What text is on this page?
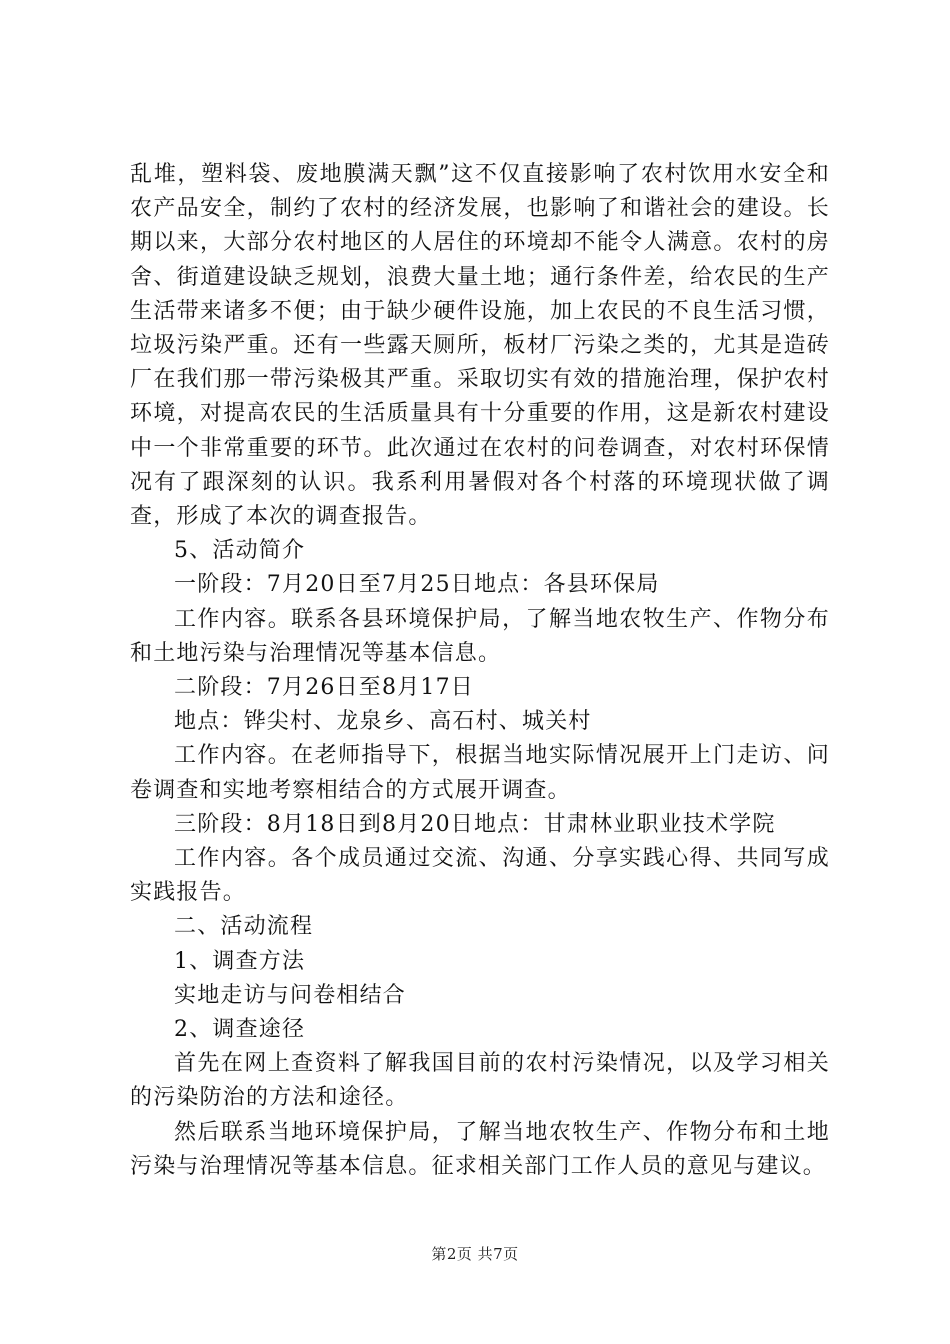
乱堆，塑料袋、废地膜满天飘”这不仅直接影响了农村饮用水安全和农产品安全，制约了农村的经济发展，也影响了和谐社会的建设。长期以来，大部分农村地区的人居住的环境却不能令人满意。农村的房舍、街道建设缺乏规划，浪费大量土地；通行条件差，给农民的生产生活带来诸多不便；由于缺少硬件设施，加上农民的不良生活习惯，垃圾污染严重。还有一些露天厕所，板材厂污染之类的，尤其是造砖厂在我们那一带污染极其严重。采取切实有效的措施治理，保护农村环境，对提高农民的生活质量具有十分重要的作用，这是新农村建设中一个非常重要的环节。此次通过在农村的问卷调查，对农村环保情况有了跟深刻的认识。我系利用暑假对各个村落的环境现状做了调查，形成了本次的调查报告。

5、活动简介

一阶段：7月20日至7月25日地点：各县环保局

工作内容。联系各县环境保护局，了解当地农牧生产、作物分布和土地污染与治理情况等基本信息。

二阶段：7月26日至8月17日

地点：铧尖村、龙泉乡、高石村、城关村

工作内容。在老师指导下，根据当地实际情况展开上门走访、问卷调查和实地考察相结合的方式展开调查。

三阶段：8月18日到8月20日地点：甘肃林业职业技术学院

工作内容。各个成员通过交流、沟通、分享实践心得、共同写成实践报告。

二、活动流程

1、调查方法

实地走访与问卷相结合

2、调查途径

首先在网上查资料了解我国目前的农村污染情况，以及学习相关的污染防治的方法和途径。

然后联系当地环境保护局，了解当地农牧生产、作物分布和土地污染与治理情况等基本信息。征求相关部门工作人员的意见与建议。

第2页 共7页
